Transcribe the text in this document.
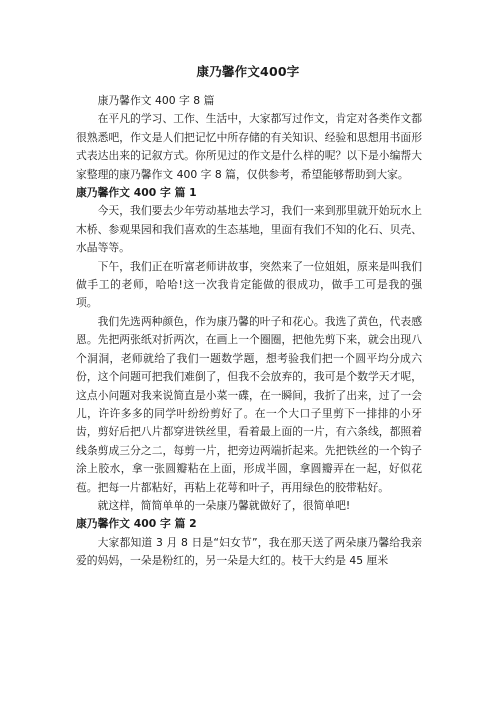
康乃馨作文400字

康乃馨作文 400 字 8 篇

在平凡的学习、工作、生活中，大家都写过作文，肯定对各类作文都很熟悉吧，作文是人们把记忆中所存储的有关知识、经验和思想用书面形式表达出来的记叙方式。你所见过的作文是什么样的呢？以下是小编帮大家整理的康乃馨作文 400 字 8 篇，仅供参考，希望能够帮助到大家。

康乃馨作文 400 字 篇 1

今天，我们要去少年劳动基地去学习，我们一来到那里就开始玩水上木桥、参观果园和我们喜欢的生态基地，里面有我们不知的化石、贝壳、水晶等等。

下午，我们正在听富老师讲故事，突然来了一位姐姐，原来是叫我们做手工的老师，哈哈!这一次我肯定能做的很成功，做手工可是我的强项。

我们先选两种颜色，作为康乃馨的叶子和花心。我选了黄色，代表感恩。先把两张纸对折两次，在画上一个圈圈，把他先剪下来，就会出现八个洞洞，老师就给了我们一题数学题，想考验我们把一个圆平均分成六份，这个问题可把我们难倒了，但我不会放弃的，我可是个数学天才呢，这点小问题对我来说简直是小菜一碟，在一瞬间，我折了出来，过了一会儿，许许多多的同学叶纷纷剪好了。在一个大口子里剪下一排排的小牙齿，剪好后把八片都穿进铁丝里，看着最上面的一片，有六条线，都照着线条剪成三分之二，每剪一片，把旁边两端折起来。先把铁丝的一个钩子涂上胶水，拿一张圆瓣粘在上面，形成半圆，拿圆瓣弄在一起，好似花苞。把每一片都粘好，再粘上花萼和叶子，再用绿色的胶带粘好。

就这样，简简单单的一朵康乃馨就做好了，很简单吧!

康乃馨作文 400 字 篇 2

大家都知道 3 月 8 日是“妇女节”，我在那天送了两朵康乃馨给我亲爱的妈妈，一朵是粉红的，另一朵是大红的。枝干大约是 45 厘米
